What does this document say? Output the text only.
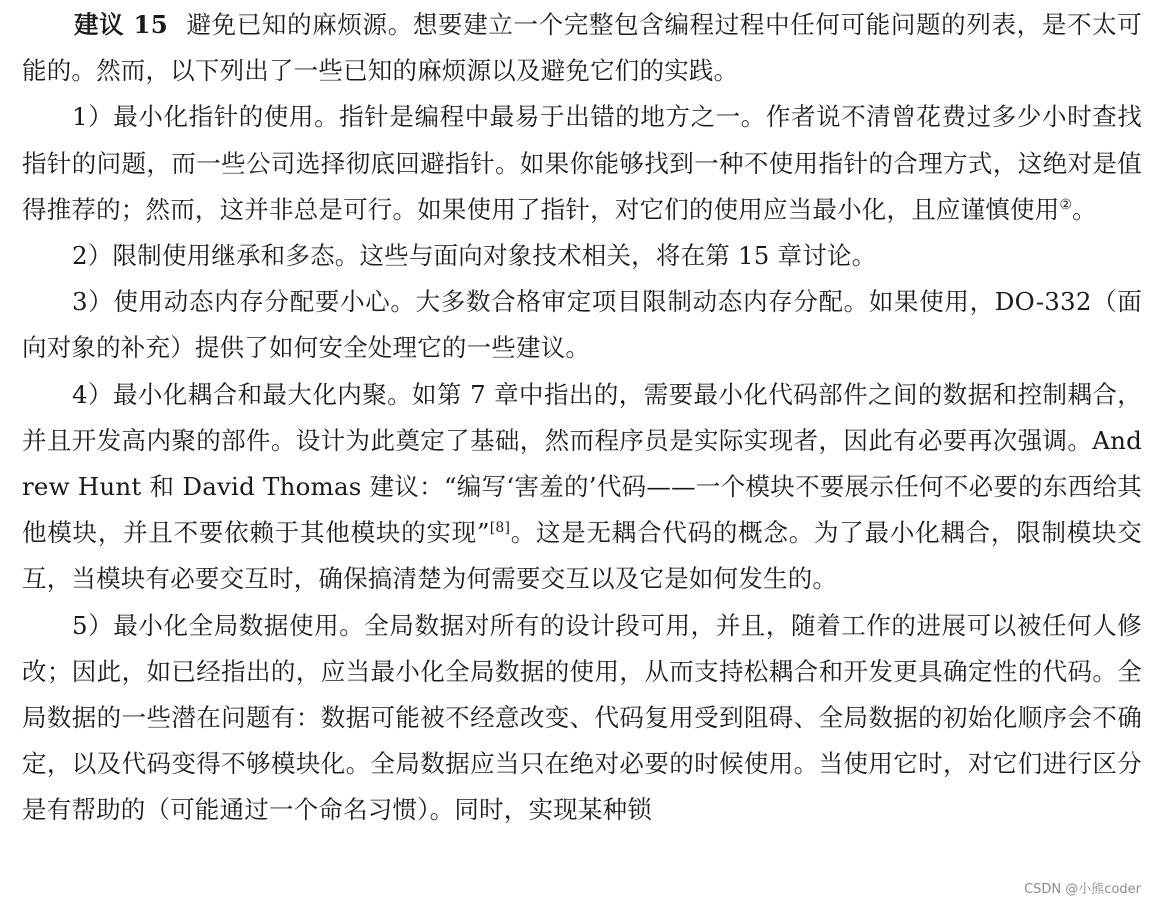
建议 15 避免已知的麻烦源。想要建立一个完整包含编程过程中任何可能问题的列表，是不太可能的。然而，以下列出了一些已知的麻烦源以及避免它们的实践。

1）最小化指针的使用。指针是编程中最易于出错的地方之一。作者说不清曾花费过多少小时查找指针的问题，而一些公司选择彻底回避指针。如果你能够找到一种不使用指针的合理方式，这绝对是值得推荐的；然而，这并非总是可行。如果使用了指针，对它们的使用应当最小化，且应谨慎使用②。

2）限制使用继承和多态。这些与面向对象技术相关，将在第 15 章讨论。

3）使用动态内存分配要小心。大多数合格审定项目限制动态内存分配。如果使用，DO-332（面向对象的补充）提供了如何安全处理它的一些建议。

4）最小化耦合和最大化内聚。如第 7 章中指出的，需要最小化代码部件之间的数据和控制耦合，并且开发高内聚的部件。设计为此奠定了基础，然而程序员是实际实现者，因此有必要再次强调。Andrew Hunt 和 David Thomas 建议：“编写‘害羞的’代码——一个模块不要展示任何不必要的东西给其他模块，并且不要依赖于其他模块的实现”[8]。这是无耦合代码的概念。为了最小化耦合，限制模块交互，当模块有必要交互时，确保搞清楚为何需要交互以及它是如何发生的。

5）最小化全局数据使用。全局数据对所有的设计段可用，并且，随着工作的进展可以被任何人修改；因此，如已经指出的，应当最小化全局数据的使用，从而支持松耦合和开发更具确定性的代码。全局数据的一些潜在问题有：数据可能被不经意改变、代码复用受到阻碍、全局数据的初始化顺序会不确定，以及代码变得不够模块化。全局数据应当只在绝对必要的时候使用。当使用它时，对它们进行区分是有帮助的（可能通过一个命名习惯）。同时，实现某种锁

CSDN @小熊coder
